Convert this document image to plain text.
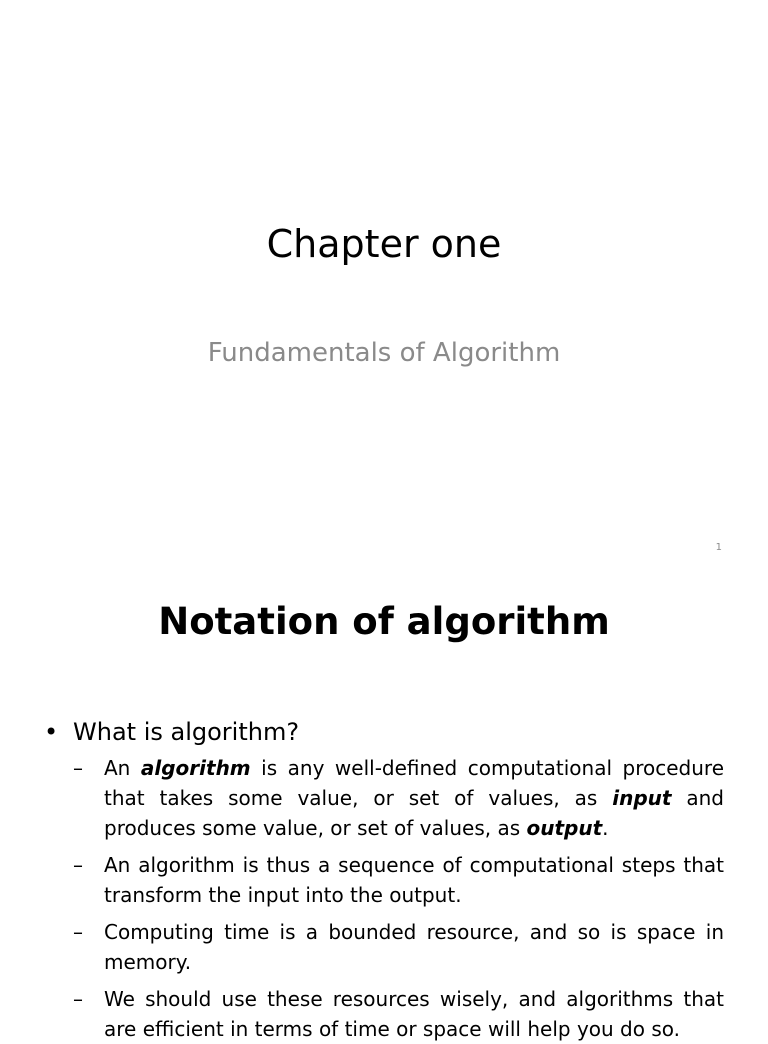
Chapter one
Fundamentals of Algorithm
1
Notation of algorithm
• What is algorithm?
–	An algorithm is any well-defined computational procedure that takes some value, or set of values, as input and produces some value, or set of values, as output.
–	An algorithm is thus a sequence of computational steps that transform the input into the output.
–	Computing time is a bounded resource, and so is space in memory.
–	We should use these resources wisely, and algorithms that are efficient in terms of time or space will help you do so.
